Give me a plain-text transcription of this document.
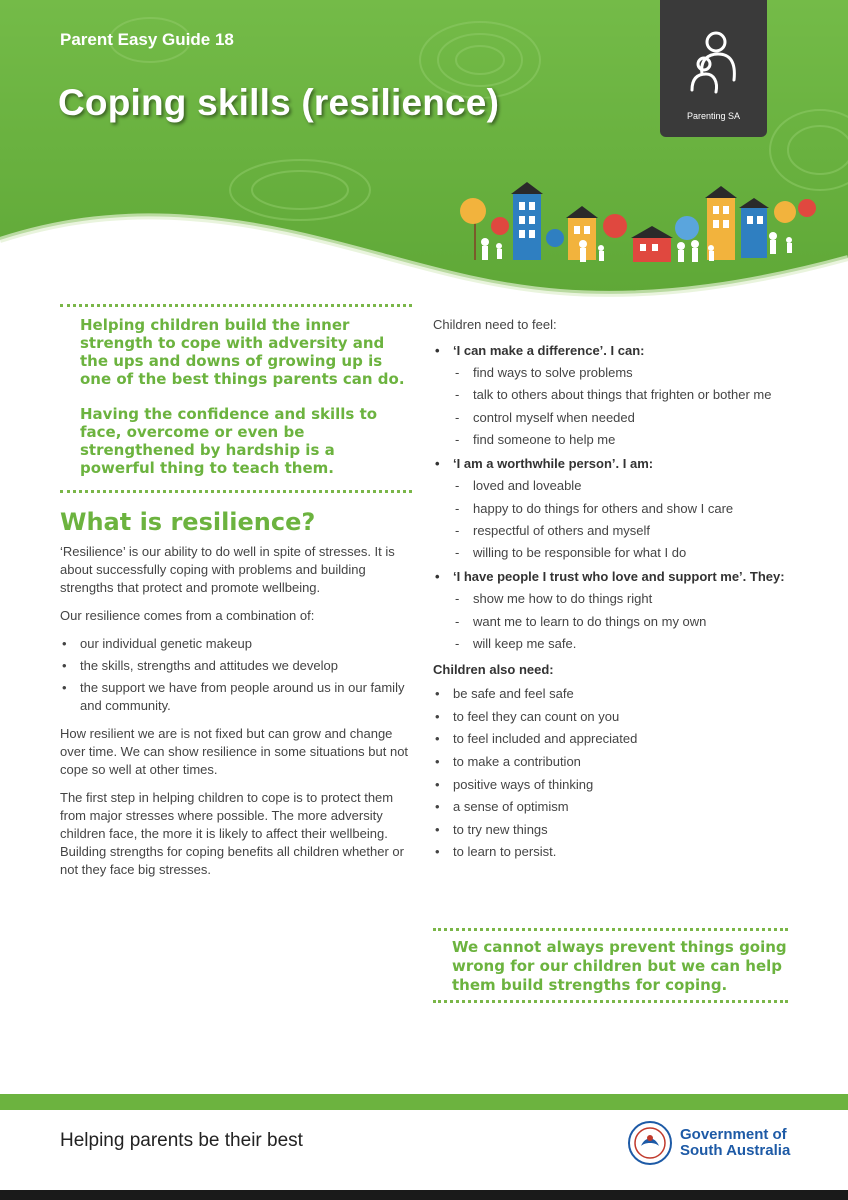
Parent Easy Guide 18
Coping skills (resilience)	Parenting SA

Helping children build the inner strength to cope with adversity and the ups and downs of growing up is one of the best things parents can do.

Having the confidence and skills to face, overcome or even be strengthened by hardship is a powerful thing to teach them.

What is resilience?

‘Resilience’ is our ability to do well in spite of stresses. It is about successfully coping with problems and building strengths that protect and promote wellbeing.

Our resilience comes from a combination of:

• our individual genetic makeup
• the skills, strengths and attitudes we develop
• the support we have from people around us in our family and community.

How resilient we are is not fixed but can grow and change over time. We can show resilience in some situations but not cope so well at other times.

The first step in helping children to cope is to protect them from major stresses where possible. The more adversity children face, the more it is likely to affect their wellbeing. Building strengths for coping benefits all children whether or not they face big stresses.

Children need to feel:

• ‘I can make a difference’. I can:
- find ways to solve problems
- talk to others about things that frighten or bother me
- control myself when needed
- find someone to help me
• ‘I am a worthwhile person’. I am:
- loved and loveable
- happy to do things for others and show I care
- respectful of others and myself
- willing to be responsible for what I do
• ‘I have people I trust who love and support me’. They:
- show me how to do things right
- want me to learn to do things on my own
- will keep me safe.
Children also need:
• be safe and feel safe
• to feel they can count on you
• to feel included and appreciated
• to make a contribution
• positive ways of thinking
• a sense of optimism
• to try new things
• to learn to persist.
We cannot always prevent things going wrong for our children but we can help them build strengths for coping.
Helping parents be their best	Government of
South Australia
